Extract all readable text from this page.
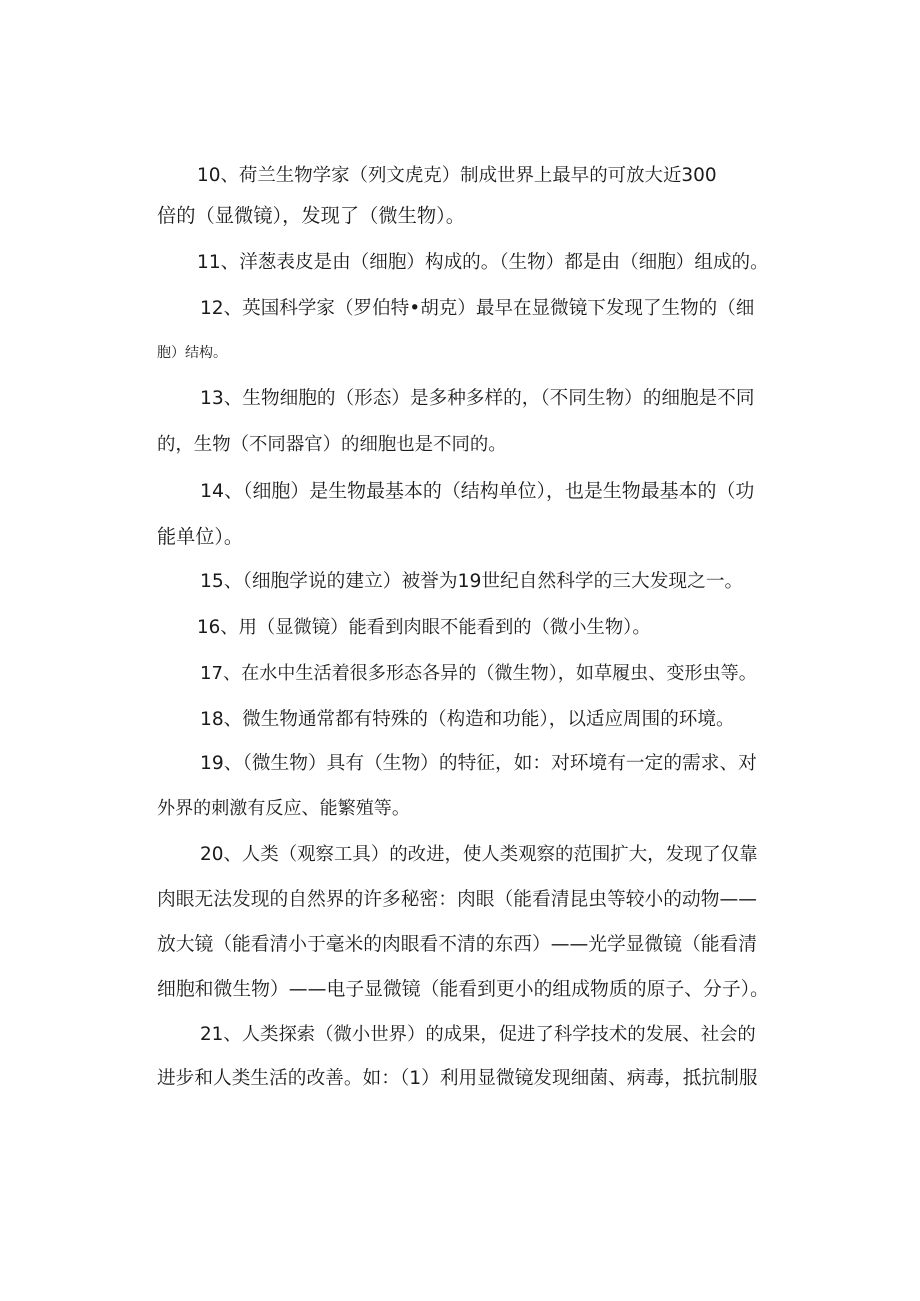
10、荷兰生物学家（列文虎克）制成世界上最早的可放大近300
倍的（显微镜），发现了（微生物）。
11、洋葱表皮是由（细胞）构成的。（生物）都是由（细胞）组成的。
12、英国科学家（罗伯特•胡克）最早在显微镜下发现了生物的（细
胞）结构。
13、生物细胞的（形态）是多种多样的，（不同生物）的细胞是不同
的，生物（不同器官）的细胞也是不同的。
14、（细胞）是生物最基本的（结构单位），也是生物最基本的（功
能单位）。
15、（细胞学说的建立）被誉为19世纪自然科学的三大发现之一。
16、用（显微镜）能看到肉眼不能看到的（微小生物）。
17、在水中生活着很多形态各异的（微生物），如草履虫、变形虫等。
18、微生物通常都有特殊的（构造和功能），以适应周围的环境。
19、（微生物）具有（生物）的特征，如：对环境有一定的需求、对
外界的刺激有反应、能繁殖等。
20、人类（观察工具）的改进，使人类观察的范围扩大，发现了仅靠
肉眼无法发现的自然界的许多秘密：肉眼（能看清昆虫等较小的动物——
放大镜（能看清小于毫米的肉眼看不清的东西）——光学显微镜（能看清
细胞和微生物）——电子显微镜（能看到更小的组成物质的原子、分子）。
21、人类探索（微小世界）的成果，促进了科学技术的发展、社会的
进步和人类生活的改善。如：（1）利用显微镜发现细菌、病毒，抵抗制服
